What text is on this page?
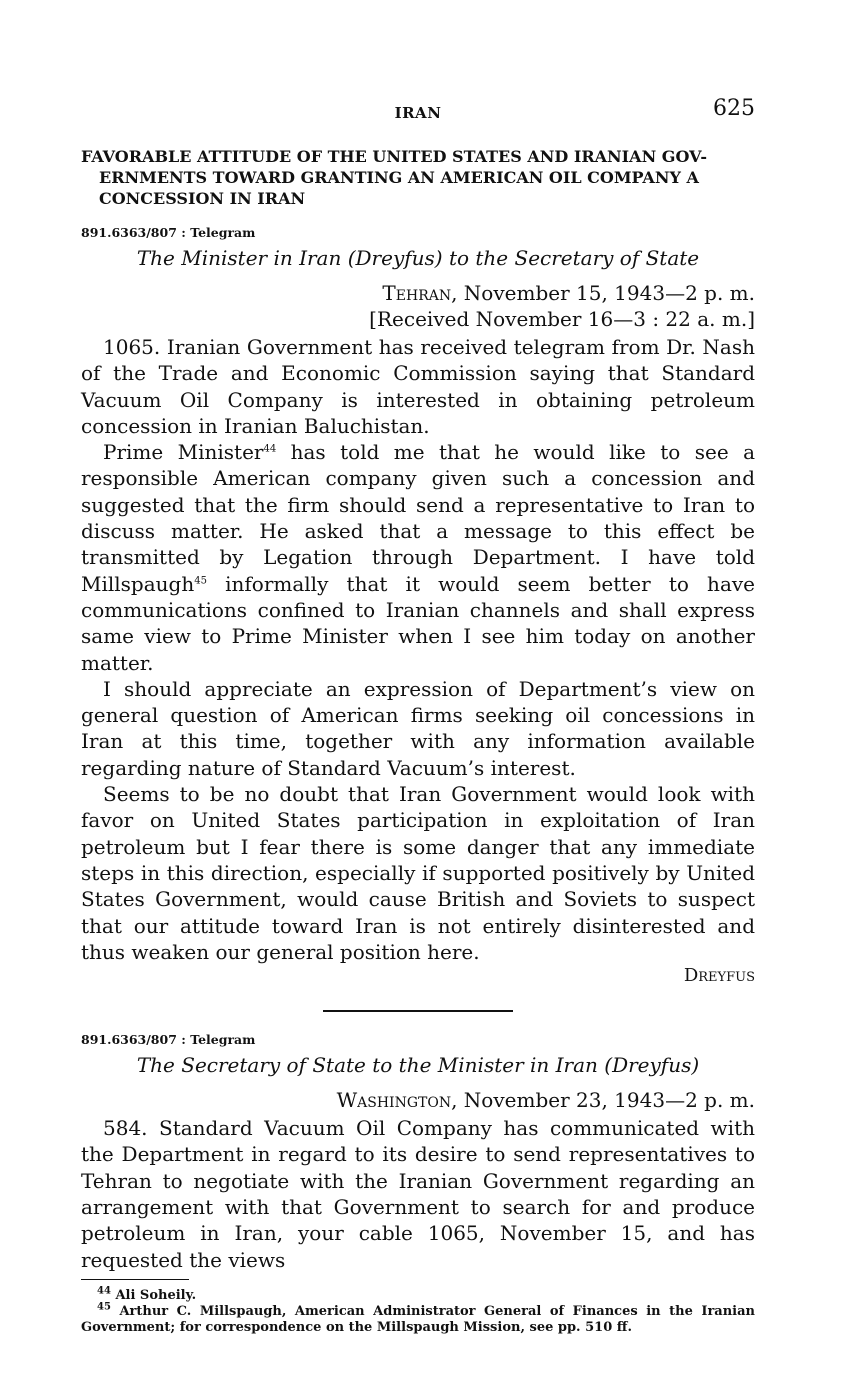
IRAN	625
FAVORABLE ATTITUDE OF THE UNITED STATES AND IRANIAN GOV-
ERNMENTS TOWARD GRANTING AN AMERICAN OIL COMPANY A
CONCESSION IN IRAN
891.6363/807 : Telegram
The Minister in Iran (Dreyfus) to the Secretary of State
Tehran, November 15, 1943—2 p. m.
[Received November 16—3 : 22 a. m.]

1065. Iranian Government has received telegram from Dr. Nash of the Trade and Economic Commission saying that Standard Vacuum Oil Company is interested in obtaining petroleum concession in Iranian Baluchistan.

Prime Minister$^{44}$ has told me that he would like to see a responsible American company given such a concession and suggested that the firm should send a representative to Iran to discuss matter. He asked that a message to this effect be transmitted by Legation through Department. I have told Millspaugh$^{45}$ informally that it would seem better to have communications confined to Iranian channels and shall express same view to Prime Minister when I see him today on another matter.

I should appreciate an expression of Department’s view on general question of American firms seeking oil concessions in Iran at this time, together with any information available regarding nature of Standard Vacuum’s interest.

Seems to be no doubt that Iran Government would look with favor on United States participation in exploitation of Iran petroleum but I fear there is some danger that any immediate steps in this direction, especially if supported positively by United States Government, would cause British and Soviets to suspect that our attitude toward Iran is not entirely disinterested and thus weaken our general position here.

Dreyfus
891.6363/807 : Telegram
The Secretary of State to the Minister in Iran (Dreyfus)
Washington, November 23, 1943—2 p. m.

584. Standard Vacuum Oil Company has communicated with the Department in regard to its desire to send representatives to Tehran to negotiate with the Iranian Government regarding an arrangement with that Government to search for and produce petroleum in Iran, your cable 1065, November 15, and has requested the views

$^{44}$ Ali Soheily.
$^{45}$ Arthur C. Millspaugh, American Administrator General of Finances in the Iranian Government; for correspondence on the Millspaugh Mission, see pp. 510 ff.
